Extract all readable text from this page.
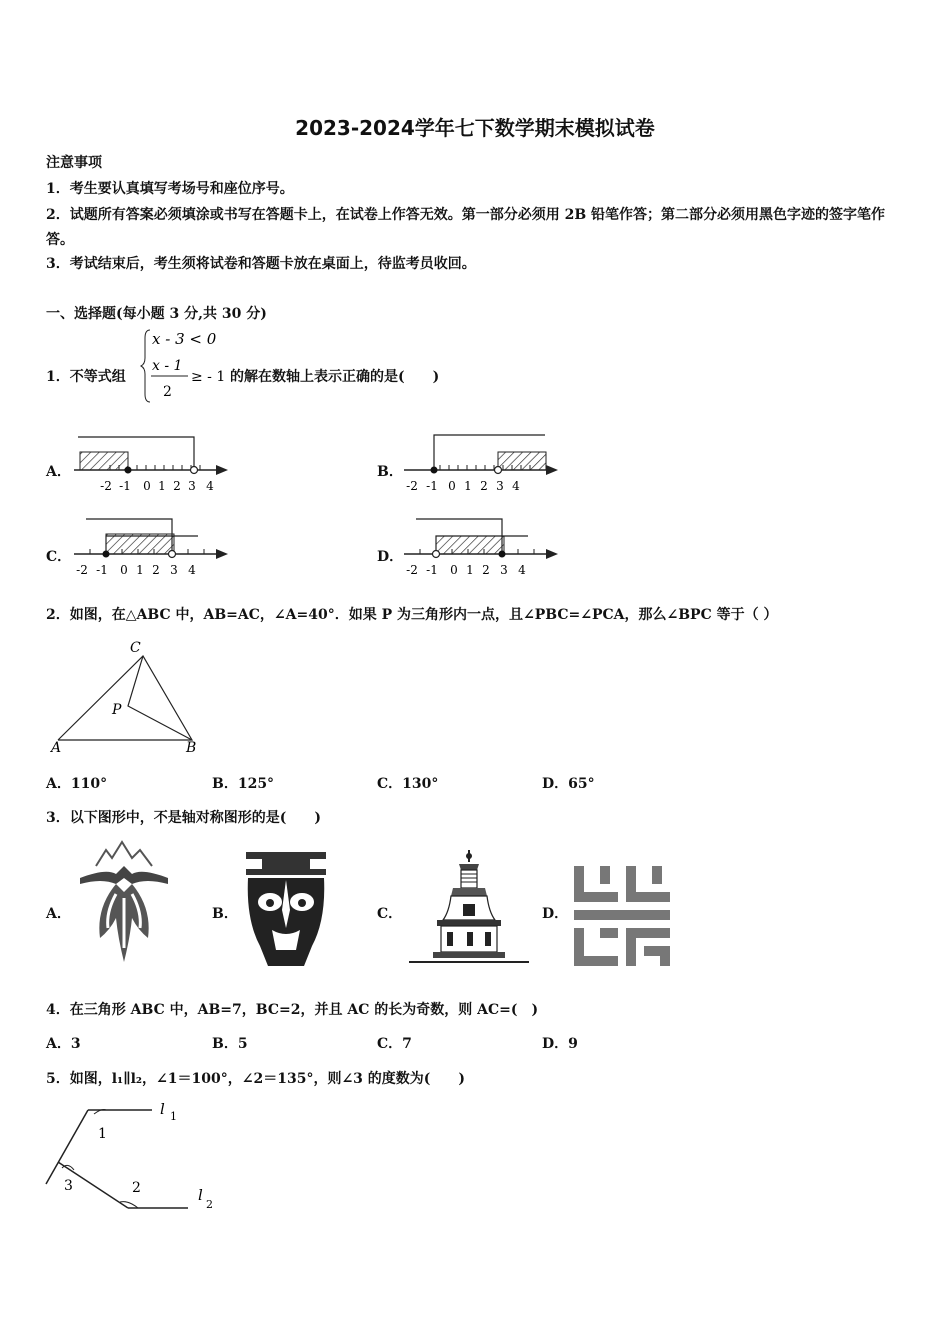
2023-2024学年七下数学期末模拟试卷
注意事项
1．考生要认真填写考场号和座位序号。
2．试题所有答案必须填涂或书写在答题卡上，在试卷上作答无效。第一部分必须用 2B 铅笔作答；第二部分必须用黑色字迹的签字笔作答。
3．考试结束后，考生须将试卷和答题卡放在桌面上，待监考员收回。
一、选择题(每小题 3 分,共 30 分)
1．不等式组
x - 3 < 0
x - 1
2
≥ - 1 的解在数轴上表示正确的是(　　)
A．
-2 -1 0 1 2 3 4
B．
-2 -1 0 1 2 3 4
C．
-2 -1 0 1 2 3 4
D．
-2 -1 0 1 2 3 4
2．如图，在△ABC 中，AB=AC，∠A=40°．如果 P 为三角形内一点，且∠PBC=∠PCA，那么∠BPC 等于（ ）
C
P
A	B
A．110°	B．125°	C．130°	D．65°
3．以下图形中，不是轴对称图形的是(　　)
A．	B．	C．	D．
4．在三角形 ABC 中，AB=7，BC=2，并且 AC 的长为奇数，则 AC=(　)
A．3	B．5	C．7	D．9
5．如图，l₁∥l₂，∠1＝100°，∠2＝135°，则∠3 的度数为(　　)
1
2
3
l 1
l
2
